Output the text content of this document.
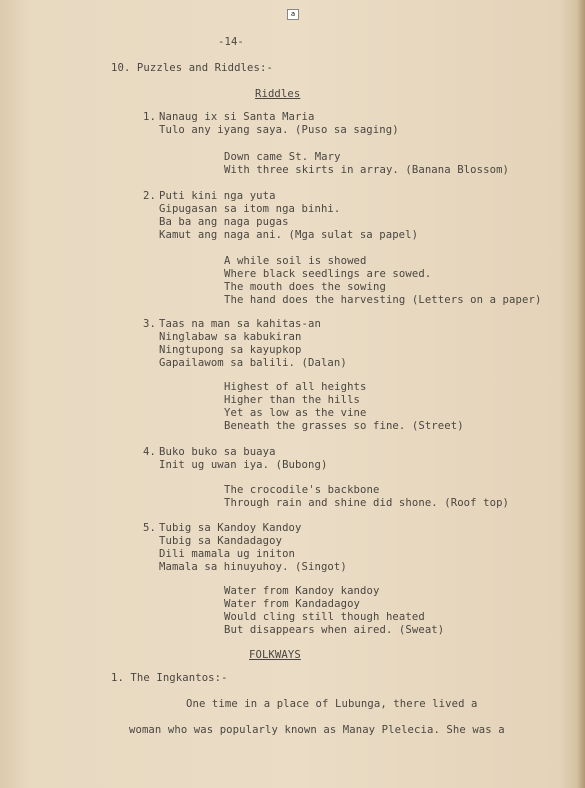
a
-14-
10. Puzzles and Riddles:-
Riddles
1. Nanaug ix si Santa Maria
Tulo any iyang saya. (Puso sa saging)
Down came St. Mary
With three skirts in array. (Banana Blossom)
2. Puti kini nga yuta
Gipugasan sa itom nga binhi.
Ba ba ang naga pugas
Kamut ang naga ani. (Mga sulat sa papel)
A while soil is showed
Where black seedlings are sowed.
The mouth does the sowing
The hand does the harvesting (Letters on a paper)
3. Taas na man sa kahitas-an
Ninglabaw sa kabukiran
Ningtupong sa kayupkop
Gapailawom sa balili. (Dalan)
Highest of all heights
Higher than the hills
Yet as low as the vine
Beneath the grasses so fine. (Street)
4. Buko buko sa buaya
Init ug uwan iya. (Bubong)
The crocodile's backbone
Through rain and shine did shone. (Roof top)
5. Tubig sa Kandoy Kandoy
Tubig sa Kandadagoy
Dili mamala ug initon
Mamala sa hinuyuhoy. (Singot)
Water from Kandoy kandoy
Water from Kandadagoy
Would cling still though heated
But disappears when aired. (Sweat)
FOLKWAYS
1. The Ingkantos:-
One time in a place of Lubunga, there lived a
woman who was popularly known as Manay Plelecia. She was a
